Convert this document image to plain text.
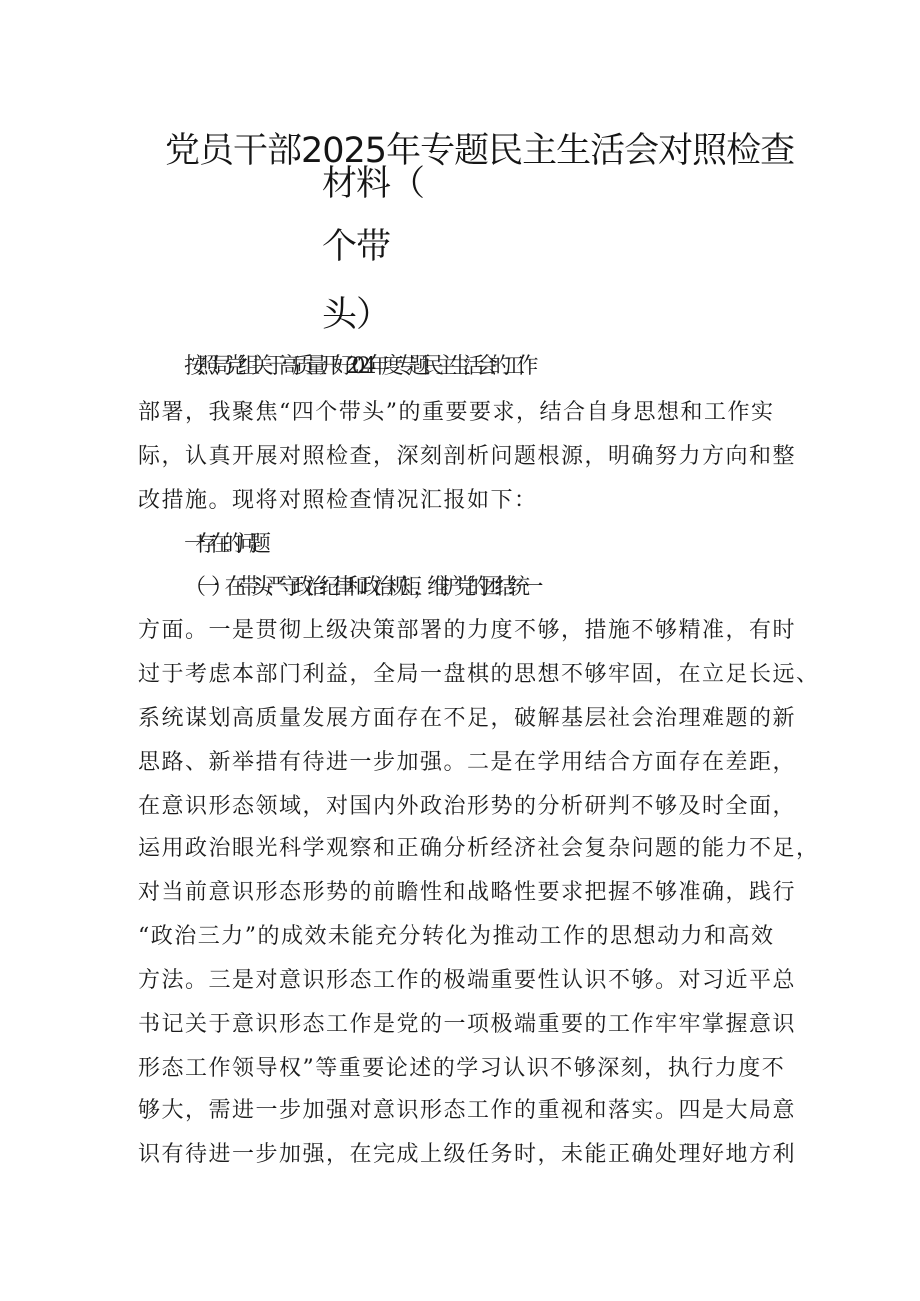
党员干部2025年专题民主生活会对照检查
材料（
个带
头）
按照局党组关于高质量开好2024年度专题民主生活会的工作
部署，我聚焦“四个带头”的重要要求，结合自身思想和工作实
际，认真开展对照检查，深刻剖析问题根源，明确努力方向和整
改措施。现将对照检查情况汇报如下：
一'存在的问题
（一）在带头严守政治纪律和政治规矩，维护党的团结统一
方面。一是贯彻上级决策部署的力度不够，措施不够精准，有时
过于考虑本部门利益，全局一盘棋的思想不够牢固，在立足长远、
系统谋划高质量发展方面存在不足，破解基层社会治理难题的新
思路、新举措有待进一步加强。二是在学用结合方面存在差距，
在意识形态领域，对国内外政治形势的分析研判不够及时全面，
运用政治眼光科学观察和正确分析经济社会复杂问题的能力不足，
对当前意识形态形势的前瞻性和战略性要求把握不够准确，践行
“政治三力”的成效未能充分转化为推动工作的思想动力和高效
方法。三是对意识形态工作的极端重要性认识不够。对习近平总
书记关于意识形态工作是党的一项极端重要的工作牢牢掌握意识
形态工作领导权”等重要论述的学习认识不够深刻，执行力度不
够大，需进一步加强对意识形态工作的重视和落实。四是大局意
识有待进一步加强，在完成上级任务时，未能正确处理好地方利
